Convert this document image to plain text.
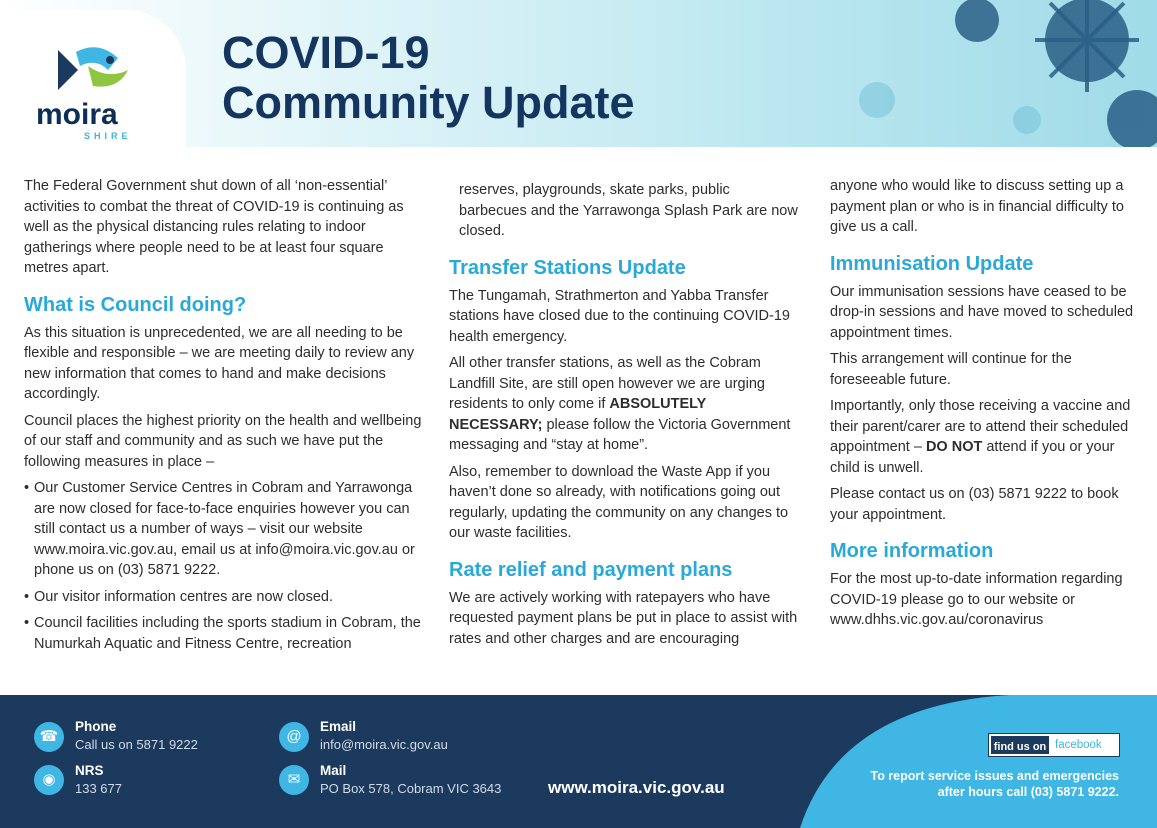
moira
SHIRE
COVID-19
Community Update

The Federal Government shut down of all ‘non-essential’ activities to combat the threat of COVID-19 is continuing as well as the physical distancing rules relating to indoor gatherings where people need to be at least four square metres apart.

What is Council doing?

As this situation is unprecedented, we are all needing to be flexible and responsible – we are meeting daily to review any new information that comes to hand and make decisions accordingly.

Council places the highest priority on the health and wellbeing of our staff and community and as such we have put the following measures in place –

• Our Customer Service Centres in Cobram and Yarrawonga are now closed for face-to-face enquiries however you can still contact us a number of ways – visit our website www.moira.vic.gov.au, email us at info@moira.vic.gov.au or phone us on (03) 5871 9222.
• Our visitor information centres are now closed.
• Council facilities including the sports stadium in Cobram, the Numurkah Aquatic and Fitness Centre, recreation

reserves, playgrounds, skate parks, public barbecues and the Yarrawonga Splash Park are now closed.

Transfer Stations Update

The Tungamah, Strathmerton and Yabba Transfer stations have closed due to the continuing COVID-19 health emergency.

All other transfer stations, as well as the Cobram Landfill Site, are still open however we are urging residents to only come if ABSOLUTELY NECESSARY; please follow the Victoria Government messaging and “stay at home”.

Also, remember to download the Waste App if you haven’t done so already, with notifications going out regularly, updating the community on any changes to our waste facilities.

Rate relief and payment plans

We are actively working with ratepayers who have requested payment plans be put in place to assist with rates and other charges and are encouraging

anyone who would like to discuss setting up a payment plan or who is in financial difficulty to give us a call.

Immunisation Update

Our immunisation sessions have ceased to be drop-in sessions and have moved to scheduled appointment times.

This arrangement will continue for the foreseeable future.

Importantly, only those receiving a vaccine and their parent/carer are to attend their scheduled appointment – DO NOT attend if you or your child is unwell.

Please contact us on (03) 5871 9222 to book your appointment.

More information

For the most up-to-date information regarding COVID-19 please go to our website or www.dhhs.vic.gov.au/coronavirus

☎
Phone
Call us on 5871 9222
◉
NRS
133 677
@
Email
info@moira.vic.gov.au
✉
Mail
PO Box 578, Cobram VIC 3643	www.moira.vic.gov.au
find us on facebook
To report service issues and emergencies
after hours call (03) 5871 9222.
